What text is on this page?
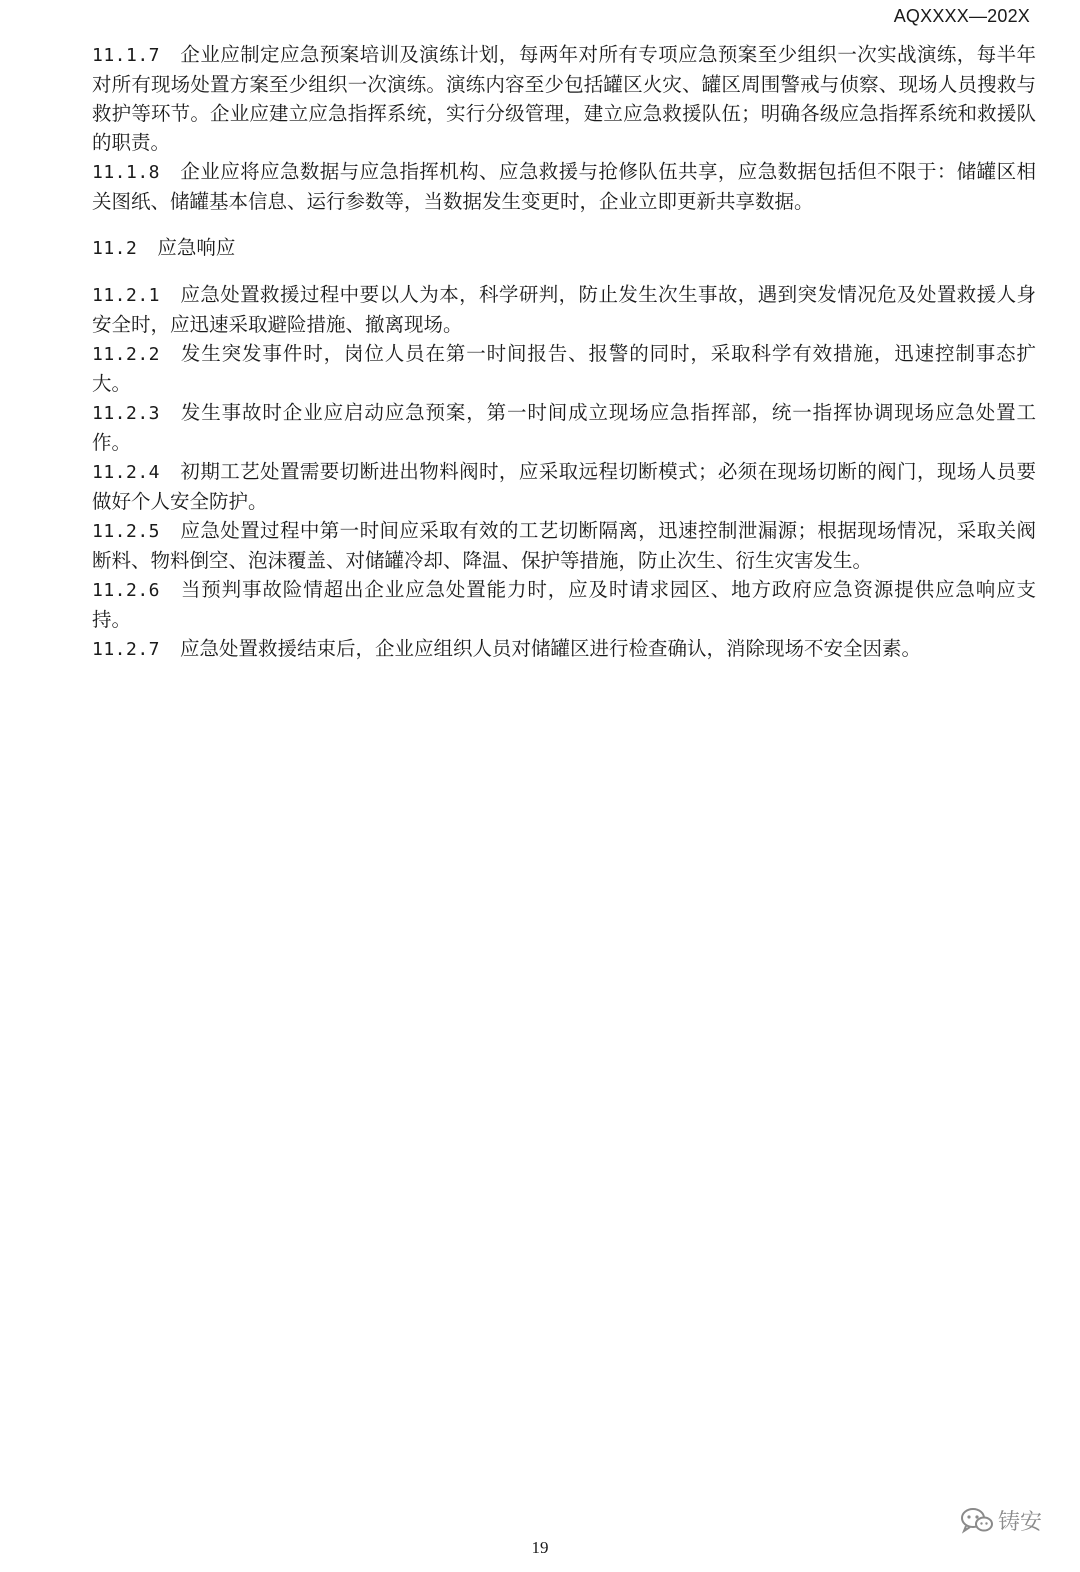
AQXXXX—202X

11.1.7 企业应制定应急预案培训及演练计划，每两年对所有专项应急预案至少组织一次实战演练，每半年对所有现场处置方案至少组织一次演练。演练内容至少包括罐区火灾、罐区周围警戒与侦察、现场人员搜救与救护等环节。企业应建立应急指挥系统，实行分级管理，建立应急救援队伍；明确各级应急指挥系统和救援队的职责。

11.1.8 企业应将应急数据与应急指挥机构、应急救援与抢修队伍共享，应急数据包括但不限于：储罐区相关图纸、储罐基本信息、运行参数等，当数据发生变更时，企业立即更新共享数据。

11.2 应急响应

11.2.1 应急处置救援过程中要以人为本，科学研判，防止发生次生事故，遇到突发情况危及处置救援人身安全时，应迅速采取避险措施、撤离现场。

11.2.2 发生突发事件时，岗位人员在第一时间报告、报警的同时，采取科学有效措施，迅速控制事态扩大。

11.2.3 发生事故时企业应启动应急预案，第一时间成立现场应急指挥部，统一指挥协调现场应急处置工作。

11.2.4 初期工艺处置需要切断进出物料阀时，应采取远程切断模式；必须在现场切断的阀门，现场人员要做好个人安全防护。

11.2.5 应急处置过程中第一时间应采取有效的工艺切断隔离，迅速控制泄漏源；根据现场情况，采取关阀断料、物料倒空、泡沫覆盖、对储罐冷却、降温、保护等措施，防止次生、衍生灾害发生。

11.2.6 当预判事故险情超出企业应急处置能力时，应及时请求园区、地方政府应急资源提供应急响应支持。

11.2.7 应急处置救援结束后，企业应组织人员对储罐区进行检查确认，消除现场不安全因素。

铸安
19
